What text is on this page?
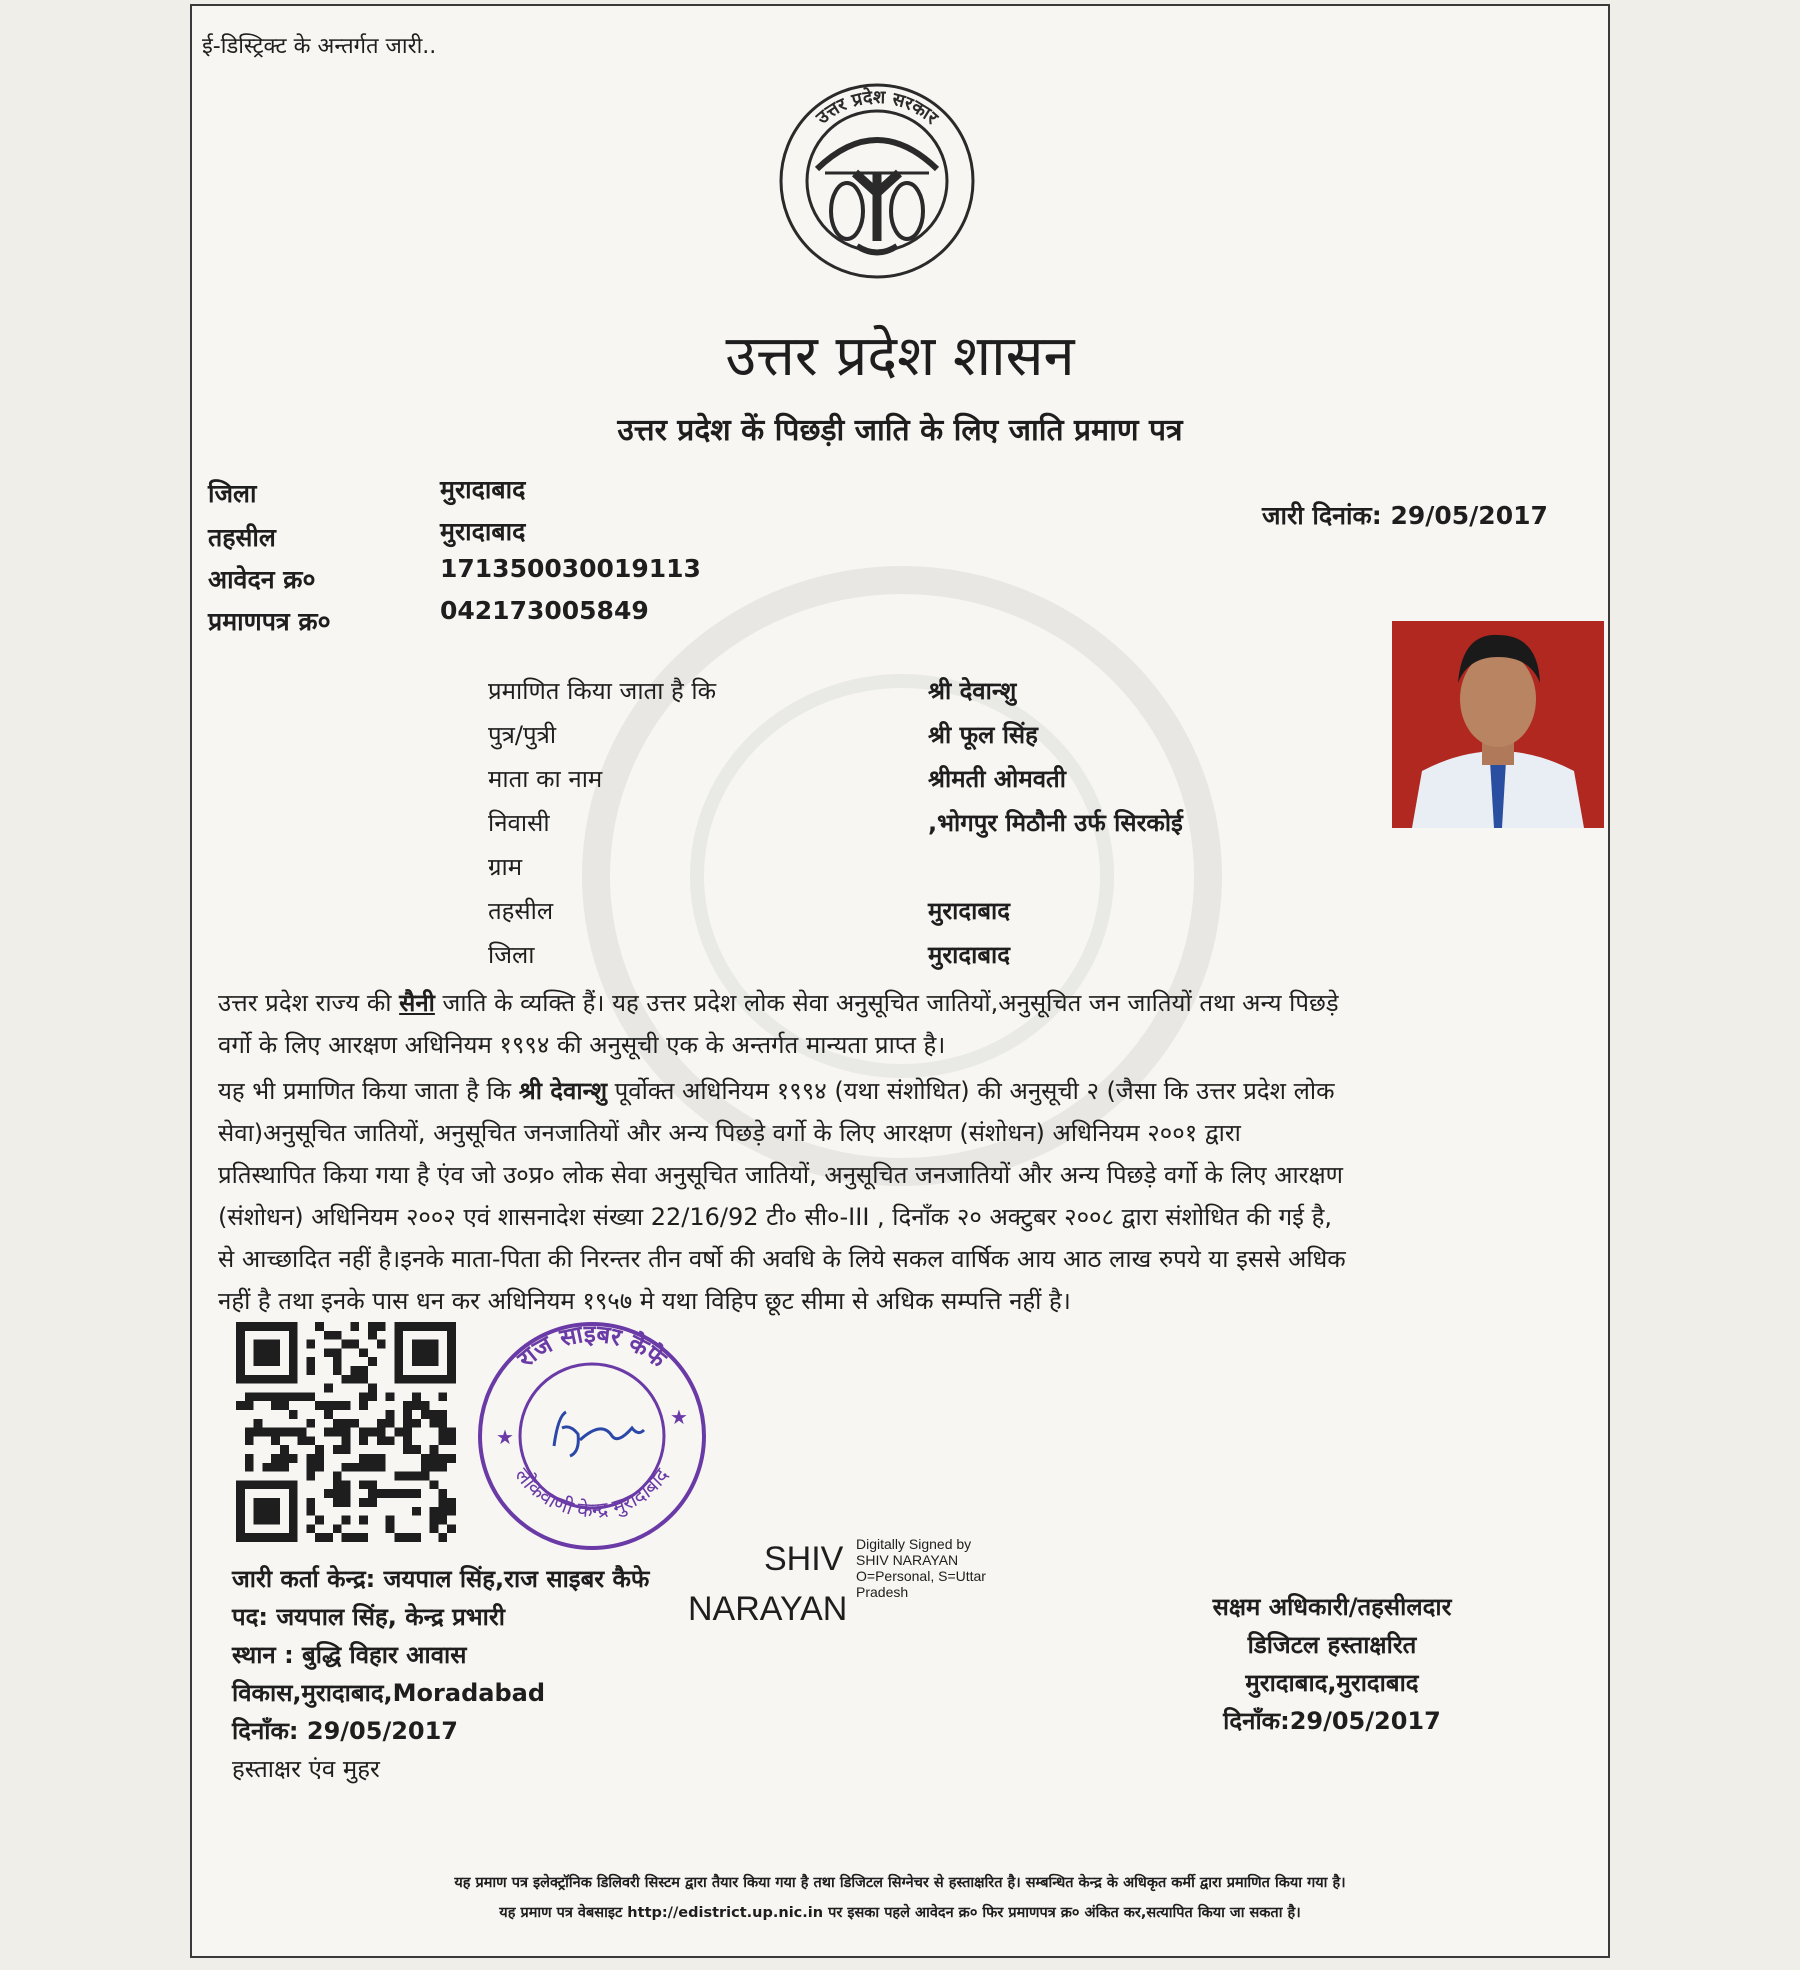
ई-डिस्ट्रिक्ट के अन्तर्गत जारी..
उत्तर प्रदेश सरकार
उत्तर प्रदेश शासन
उत्तर प्रदेश कें पिछड़ी जाति के लिए जाति प्रमाण पत्र
जिला	मुरादाबाद
तहसील	मुरादाबाद
आवेदन क्र०	171350030019113
प्रमाणपत्र क्र०	042173005849
जारी दिनांक: 29/05/2017
प्रमाणित किया जाता है कि	श्री देवान्शु
पुत्र/पुत्री	श्री फूल सिंह
माता का नाम	श्रीमती ओमवती
निवासी	,भोगपुर मिठौनी उर्फ सिरकोई
ग्राम
तहसील	मुरादाबाद
जिला	मुरादाबाद
उत्तर प्रदेश राज्य की सैनी जाति के व्यक्ति हैं। यह उत्तर प्रदेश लोक सेवा अनुसूचित जातियों,अनुसूचित जन जातियों तथा अन्य पिछड़े
वर्गो के लिए आरक्षण अधिनियम १९९४ की अनुसूची एक के अन्तर्गत मान्यता प्राप्त है।
यह भी प्रमाणित किया जाता है कि श्री देवान्शु पूर्वोक्त अधिनियम १९९४ (यथा संशोधित) की अनुसूची २ (जैसा कि उत्तर प्रदेश लोक
सेवा)अनुसूचित जातियों, अनुसूचित जनजातियों और अन्य पिछड़े वर्गो के लिए आरक्षण (संशोधन) अधिनियम २००१ द्वारा
प्रतिस्थापित किया गया है एंव जो उ०प्र० लोक सेवा अनुसूचित जातियों, अनुसूचित जनजातियों और अन्य पिछड़े वर्गो के लिए आरक्षण
(संशोधन) अधिनियम २००२ एवं शासनादेश संख्या 22/16/92 टी० सी०-III , दिनाँक २० अक्टुबर २००८ द्वारा संशोधित की गई है,
से आच्छादित नहीं है।इनके माता-पिता की निरन्तर तीन वर्षो की अवधि के लिये सकल वार्षिक आय आठ लाख रुपये या इससे अधिक
नहीं है तथा इनके पास धन कर अधिनियम १९५७ मे यथा विहिप छूट सीमा से अधिक सम्पत्ति नहीं है।
राज साइबर कैफे
लोकवाणी केन्द्र मुरादाबाद
★
★
जारी कर्ता केन्द्र: जयपाल सिंह,राज साइबर कैफे
पद: जयपाल सिंह, केन्द्र प्रभारी
स्थान : बुद्धि विहार आवास
विकास,मुरादाबाद,Moradabad
दिनाँक: 29/05/2017
हस्ताक्षर एंव मुहर
SHIV
NARAYAN
Digitally Signed by
SHIV NARAYAN
O=Personal, S=Uttar
Pradesh
सक्षम अधिकारी/तहसीलदार
डिजिटल हस्ताक्षरित
मुरादाबाद,मुरादाबाद
दिनाँक:29/05/2017
यह प्रमाण पत्र इलेक्ट्रॉनिक डिलिवरी सिस्टम द्वारा तैयार किया गया है तथा डिजिटल सिग्नेचर से हस्ताक्षरित है। सम्बन्धित केन्द्र के अधिकृत कर्मी द्वारा प्रमाणित किया गया है।
यह प्रमाण पत्र वेबसाइट http://edistrict.up.nic.in पर इसका पहले आवेदन क्र० फिर प्रमाणपत्र क्र० अंकित कर,सत्यापित किया जा सकता है।
